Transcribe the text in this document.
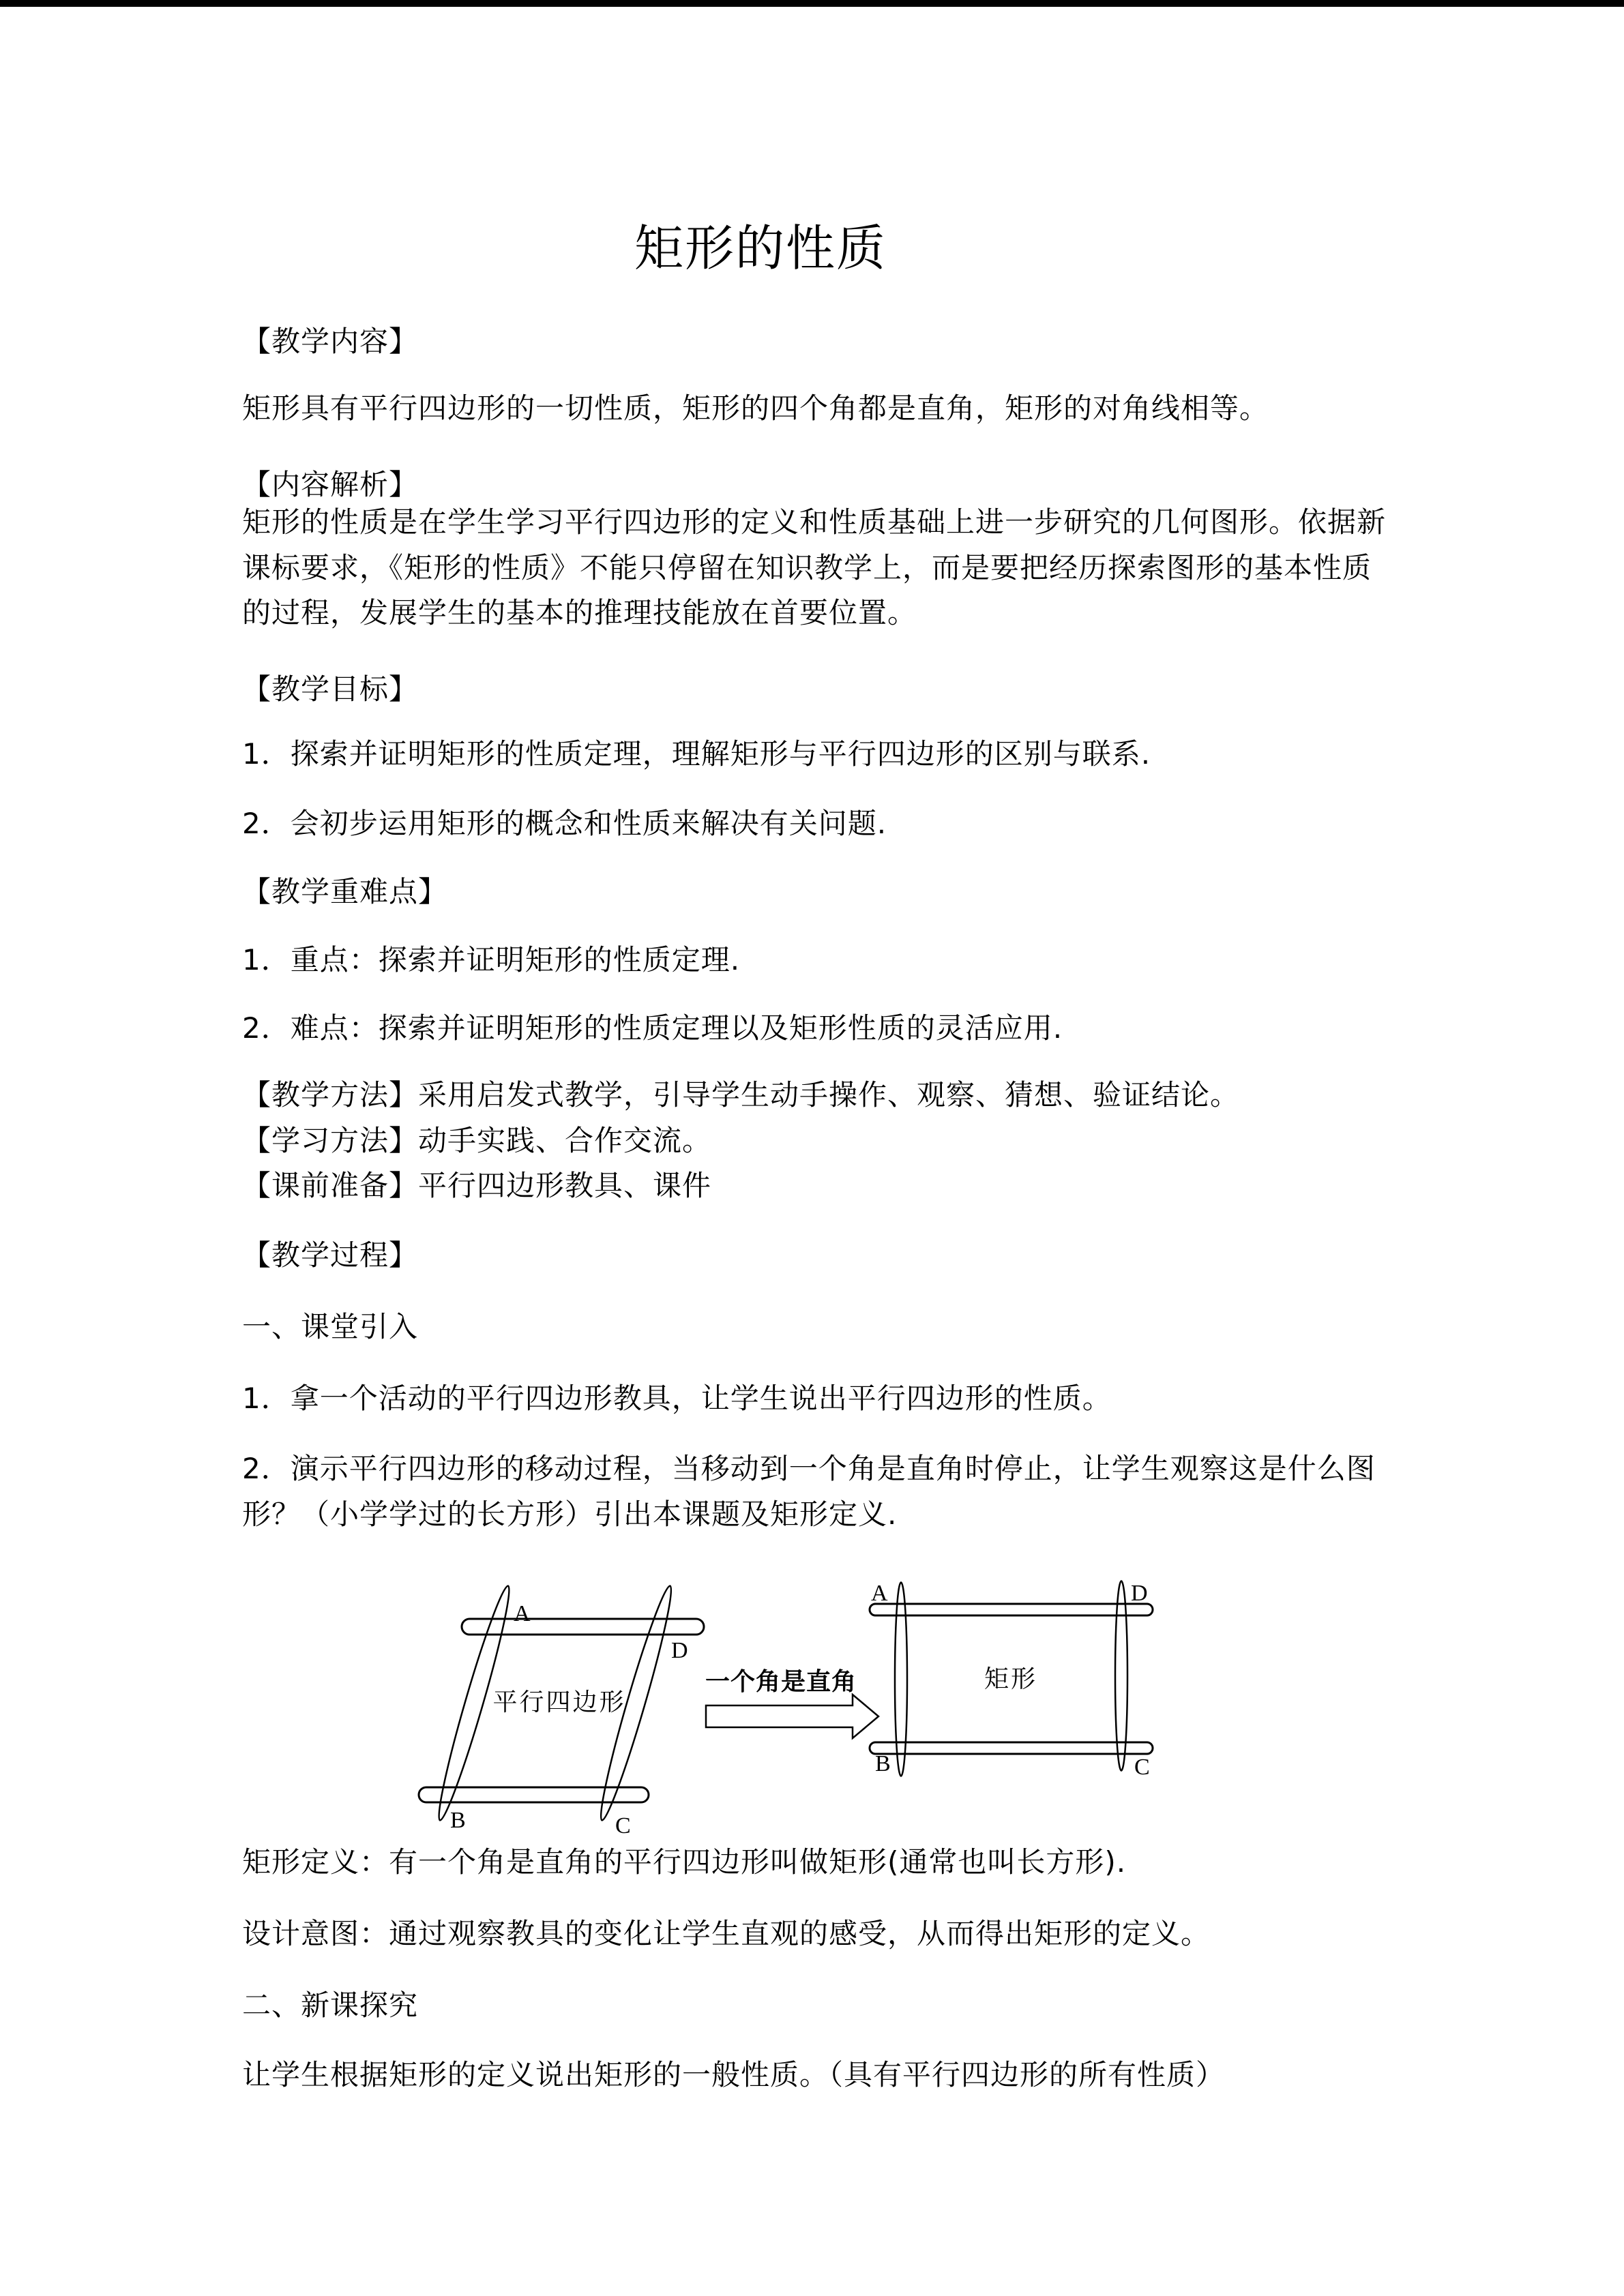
矩形的性质
【教学内容】
矩形具有平行四边形的一切性质，矩形的四个角都是直角，矩形的对角线相等。
【内容解析】
矩形的性质是在学生学习平行四边形的定义和性质基础上进一步研究的几何图形。依据新
课标要求，《矩形的性质》不能只停留在知识教学上，而是要把经历探索图形的基本性质
的过程，发展学生的基本的推理技能放在首要位置。
【教学目标】
1．探索并证明矩形的性质定理，理解矩形与平行四边形的区别与联系.
2．会初步运用矩形的概念和性质来解决有关问题.
【教学重难点】
1．重点：探索并证明矩形的性质定理.
2．难点：探索并证明矩形的性质定理以及矩形性质的灵活应用.
【教学方法】采用启发式教学，引导学生动手操作、观察、猜想、验证结论。
【学习方法】动手实践、合作交流。
【课前准备】平行四边形教具、课件
【教学过程】
一、课堂引入
1．拿一个活动的平行四边形教具，让学生说出平行四边形的性质。
2．演示平行四边形的移动过程，当移动到一个角是直角时停止，让学生观察这是什么图
形？（小学学过的长方形）引出本课题及矩形定义.
A
D
B	C
平行四边形
一个角是直角
A	D
B	C
矩形
矩形定义：有一个角是直角的平行四边形叫做矩形(通常也叫长方形).
设计意图：通过观察教具的变化让学生直观的感受，从而得出矩形的定义。
二、新课探究
让学生根据矩形的定义说出矩形的一般性质。（具有平行四边形的所有性质）
